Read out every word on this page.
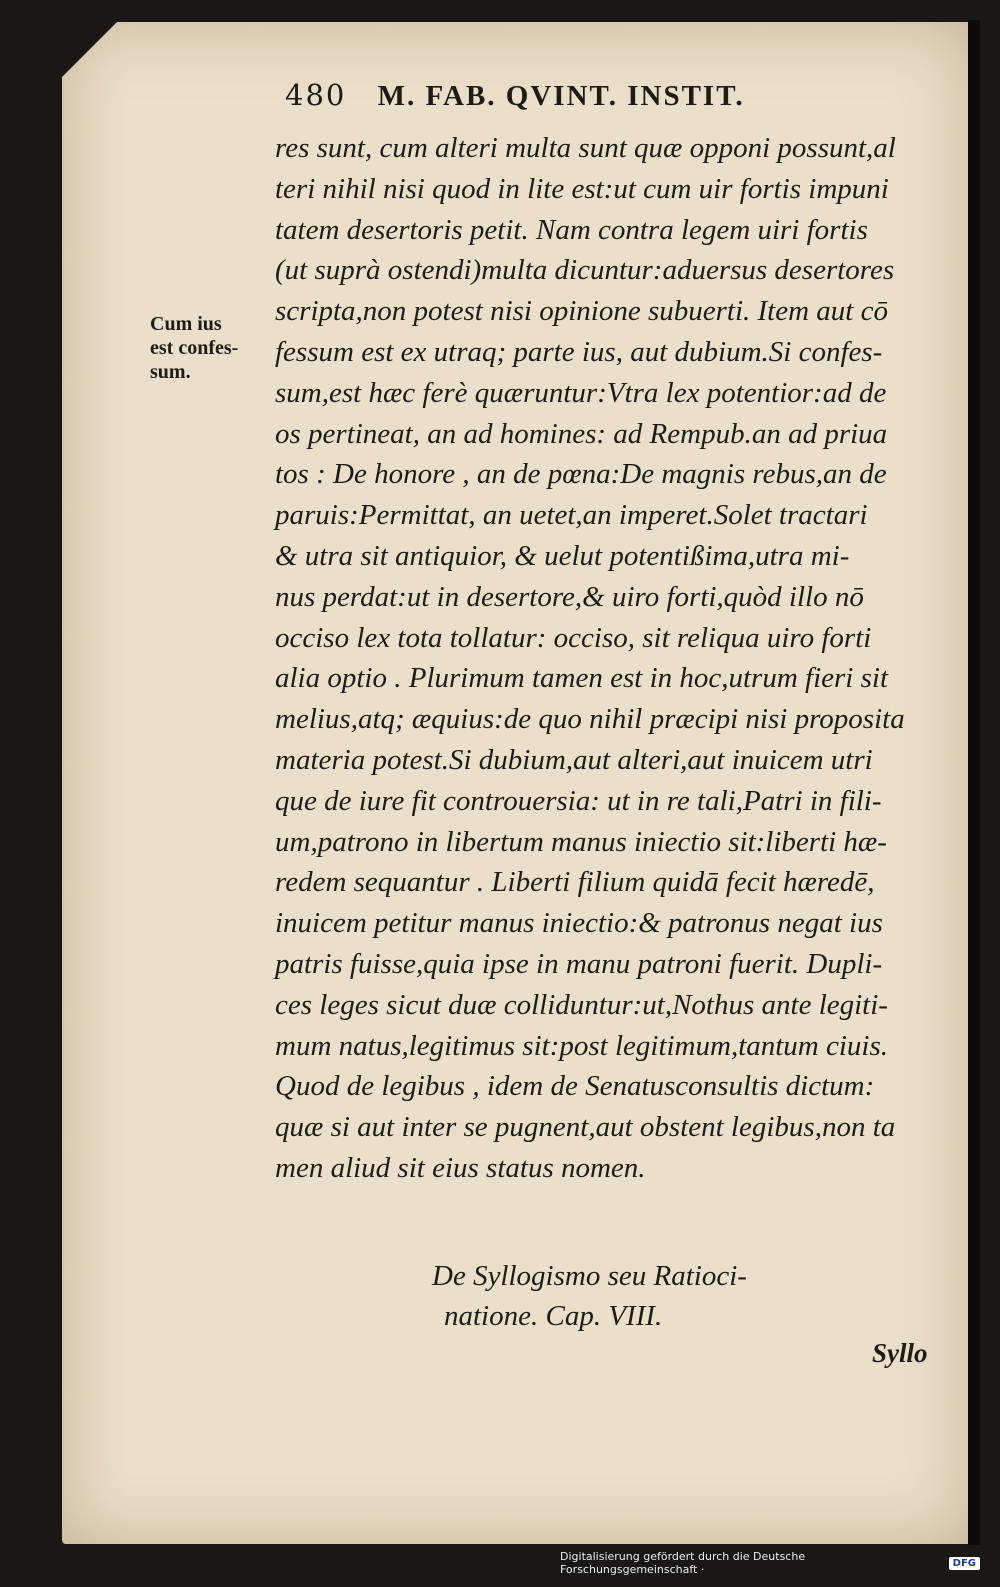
480 M. FAB. QVINT. INSTIT.
Cum ius
est confes-
sum.
res sunt, cum alteri multa sunt quæ opponi possunt,al
teri nihil nisi quod in lite est:ut cum uir fortis impuni
tatem desertoris petit. Nam contra legem uiri fortis
(ut suprà ostendi)multa dicuntur:aduersus desertores
scripta,non potest nisi opinione subuerti. Item aut cō
fessum est ex utraq; parte ius, aut dubium.Si confes-
sum,est hæc ferè quæruntur:Vtra lex potentior:ad de
os pertineat, an ad homines: ad Rempub.an ad priua
tos : De honore , an de pœna:De magnis rebus,an de
paruis:Permittat, an uetet,an imperet.Solet tractari
& utra sit antiquior, & uelut potentißima,utra mi-
nus perdat:ut in desertore,& uiro forti,quòd illo nō
occiso lex tota tollatur: occiso, sit reliqua uiro forti
alia optio . Plurimum tamen est in hoc,utrum fieri sit
melius,atq; æquius:de quo nihil præcipi nisi proposita
materia potest.Si dubium,aut alteri,aut inuicem utri
que de iure fit controuersia: ut in re tali,Patri in fili-
um,patrono in libertum manus iniectio sit:liberti hæ-
redem sequantur . Liberti filium quidā fecit hæredē,
inuicem petitur manus iniectio:& patronus negat ius
patris fuisse,quia ipse in manu patroni fuerit. Dupli-
ces leges sicut duæ colliduntur:ut,Nothus ante legiti-
mum natus,legitimus sit:post legitimum,tantum ciuis.
Quod de legibus , idem de Senatusconsultis dictum:
quæ si aut inter se pugnent,aut obstent legibus,non ta
men aliud sit eius status nomen.
De Syllogismo seu Ratioci-
natione. Cap. VIII.
Syllo
Digitalisierung gefördert durch die Deutsche Forschungsgemeinschaft ·	DFG
